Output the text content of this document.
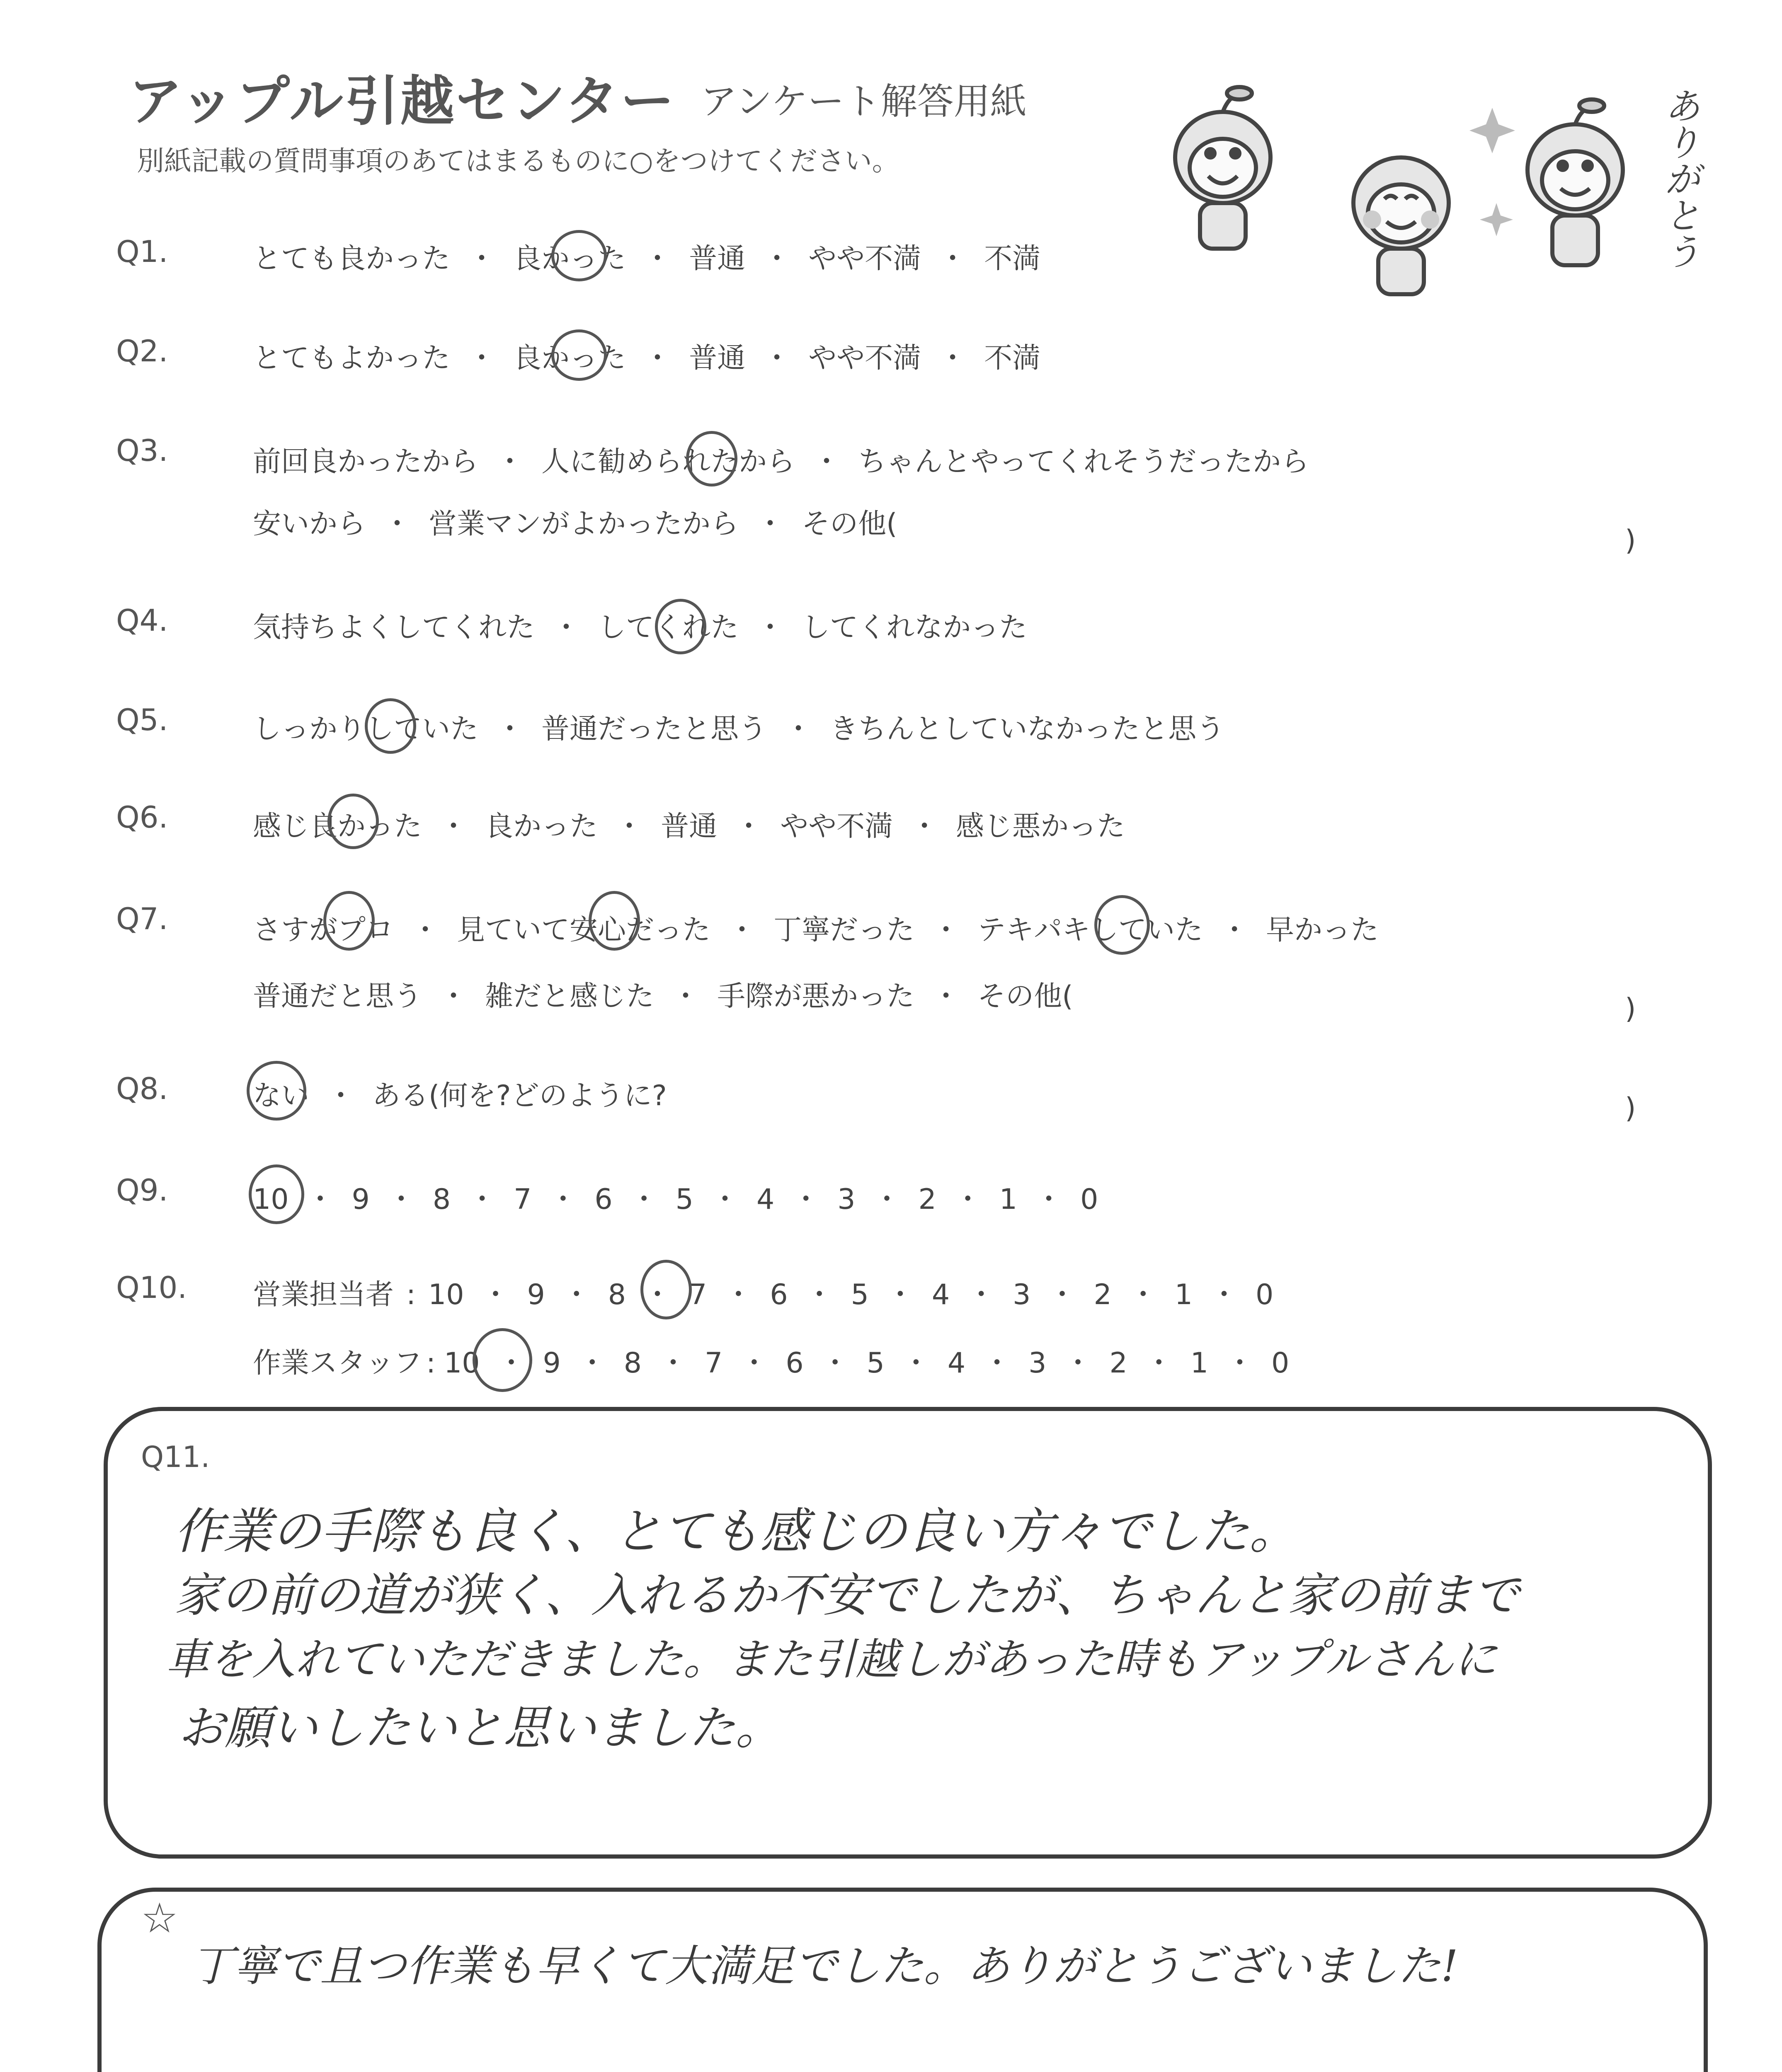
アップル引越センター アンケート解答用紙
別紙記載の質問事項のあてはまるものに○をつけてください。	ありがとう
Q1.	とても良かった ・ 良かった ・ 普通 ・ やや不満 ・ 不満
Q2.	とてもよかった ・ 良かった ・ 普通 ・ やや不満 ・ 不満
Q3.	前回良かったから ・ 人に勧められたから ・ ちゃんとやってくれそうだったから
安いから ・ 営業マンがよかったから ・ その他(
)
Q4.	気持ちよくしてくれた ・ してくれた ・ してくれなかった
Q5.	しっかりしていた ・ 普通だったと思う ・ きちんとしていなかったと思う
Q6.	感じ良かった ・ 良かった ・ 普通 ・ やや不満 ・ 感じ悪かった
Q7.	さすがプロ ・ 見ていて安心だった ・ 丁寧だった ・ テキパキしていた ・ 早かった
普通だと思う ・ 雑だと感じた ・ 手際が悪かった ・ その他(	)
Q8.	ない ・ ある(何を?どのように?	)
Q9.	10 ・ 9 ・ 8 ・ 7 ・ 6 ・ 5 ・ 4 ・ 3 ・ 2 ・ 1 ・ 0
Q10. 営業担当者 : 10 ・ 9 ・ 8 ・ 7 ・ 6 ・ 5 ・ 4 ・ 3 ・ 2 ・ 1 ・ 0
作業スタッフ : 10 ・ 9 ・ 8 ・ 7 ・ 6 ・ 5 ・ 4 ・ 3 ・ 2 ・ 1 ・ 0
Q11.
作業の手際も良く、とても感じの良い方々でした。
家の前の道が狭く、入れるか不安でしたが、ちゃんと家の前まで
車を入れていただきました。また引越しがあった時もアップルさんに
お願いしたいと思いました。
☆
丁寧で且つ作業も早くて大満足でした。ありがとうございました!
